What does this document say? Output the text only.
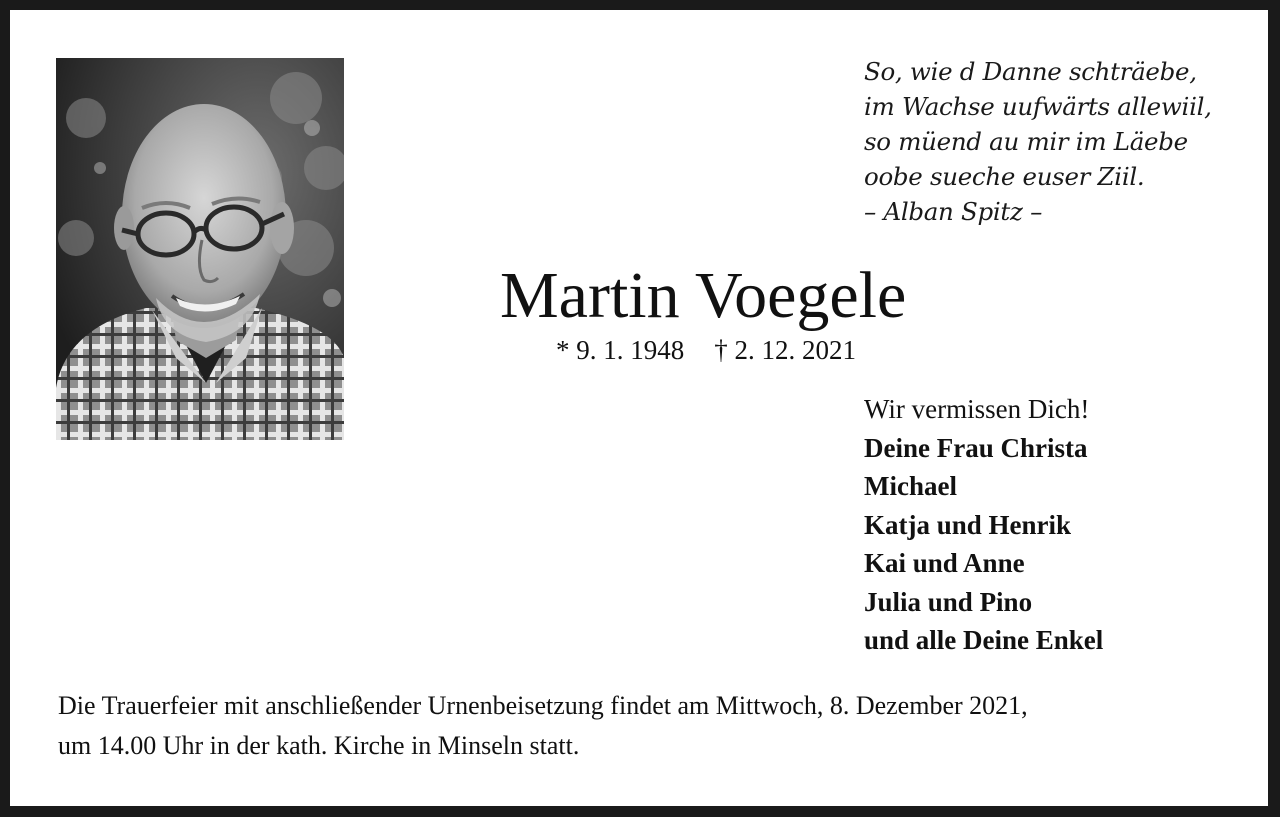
So, wie d Danne schträebe,
im Wachse uufwärts allewiil,
so müend au mir im Läebe
oobe sueche euser Ziil.
– Alban Spitz –
Martin Voegele
* 9. 1. 1948 † 2. 12. 2021
Wir vermissen Dich!
Deine Frau Christa
Michael
Katja und Henrik
Kai und Anne
Julia und Pino
und alle Deine Enkel
Die Trauerfeier mit anschließender Urnenbeisetzung findet am Mittwoch, 8. Dezember 2021,
um 14.00 Uhr in der kath. Kirche in Minseln statt.
